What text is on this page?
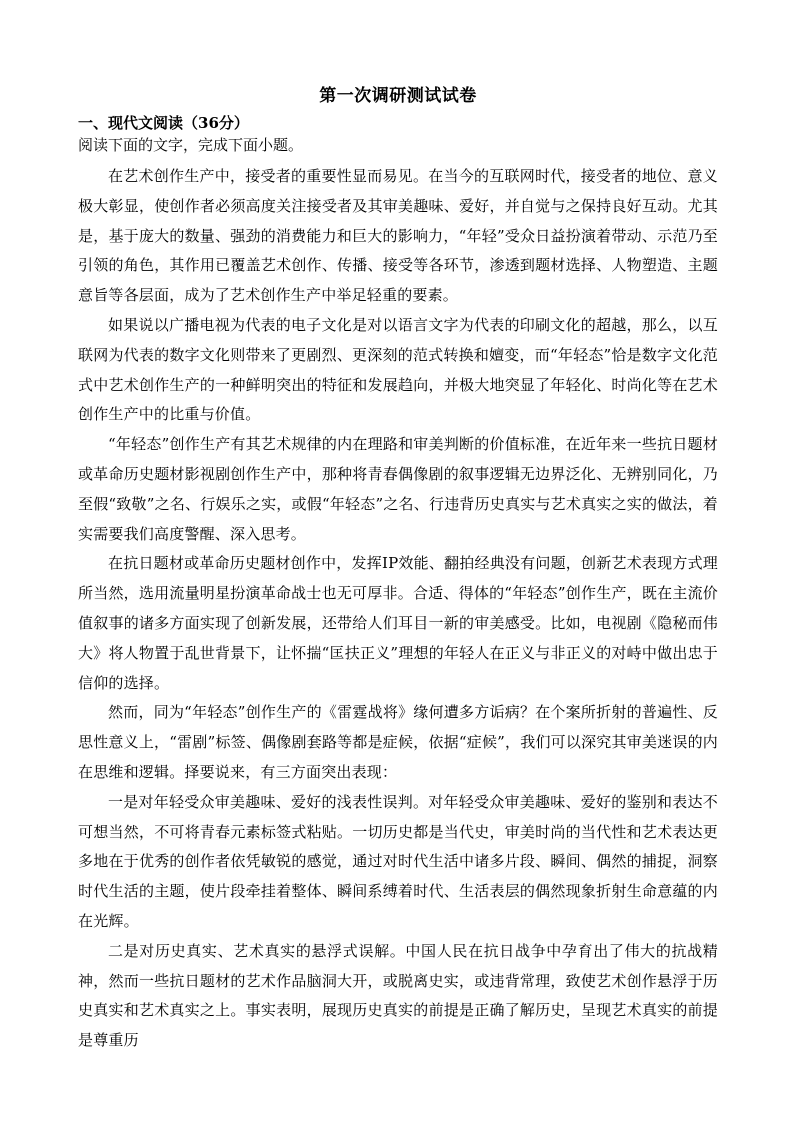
第一次调研测试试卷
一、现代文阅读（36分）

阅读下面的文字，完成下面小题。

在艺术创作生产中，接受者的重要性显而易见。在当今的互联网时代，接受者的地位、意义极大彰显，使创作者必须高度关注接受者及其审美趣味、爱好，并自觉与之保持良好互动。尤其是，基于庞大的数量、强劲的消费能力和巨大的影响力，“年轻”受众日益扮演着带动、示范乃至引领的角色，其作用已覆盖艺术创作、传播、接受等各环节，渗透到题材选择、人物塑造、主题意旨等各层面，成为了艺术创作生产中举足轻重的要素。

如果说以广播电视为代表的电子文化是对以语言文字为代表的印刷文化的超越，那么，以互联网为代表的数字文化则带来了更剧烈、更深刻的范式转换和嬗变，而“年轻态”恰是数字文化范式中艺术创作生产的一种鲜明突出的特征和发展趋向，并极大地突显了年轻化、时尚化等在艺术创作生产中的比重与价值。

“年轻态”创作生产有其艺术规律的内在理路和审美判断的价值标准，在近年来一些抗日题材或革命历史题材影视剧创作生产中，那种将青春偶像剧的叙事逻辑无边界泛化、无辨别同化，乃至假“致敬”之名、行娱乐之实，或假“年轻态”之名、行违背历史真实与艺术真实之实的做法，着实需要我们高度警醒、深入思考。

在抗日题材或革命历史题材创作中，发挥IP效能、翻拍经典没有问题，创新艺术表现方式理所当然，选用流量明星扮演革命战士也无可厚非。合适、得体的“年轻态”创作生产，既在主流价值叙事的诸多方面实现了创新发展，还带给人们耳目一新的审美感受。比如，电视剧《隐秘而伟大》将人物置于乱世背景下，让怀揣“匡扶正义”理想的年轻人在正义与非正义的对峙中做出忠于信仰的选择。

然而，同为“年轻态”创作生产的《雷霆战将》缘何遭多方诟病？在个案所折射的普遍性、反思性意义上，“雷剧”标签、偶像剧套路等都是症候，依据“症候”，我们可以深究其审美迷误的内在思维和逻辑。择要说来，有三方面突出表现：

一是对年轻受众审美趣味、爱好的浅表性误判。对年轻受众审美趣味、爱好的鉴别和表达不可想当然，不可将青春元素标签式粘贴。一切历史都是当代史，审美时尚的当代性和艺术表达更多地在于优秀的创作者依凭敏锐的感觉，通过对时代生活中诸多片段、瞬间、偶然的捕捉，洞察时代生活的主题，使片段牵挂着整体、瞬间系缚着时代、生活表层的偶然现象折射生命意蕴的内在光辉。

二是对历史真实、艺术真实的悬浮式误解。中国人民在抗日战争中孕育出了伟大的抗战精神，然而一些抗日题材的艺术作品脑洞大开，或脱离史实，或违背常理，致使艺术创作悬浮于历史真实和艺术真实之上。事实表明，展现历史真实的前提是正确了解历史，呈现艺术真实的前提是尊重历
